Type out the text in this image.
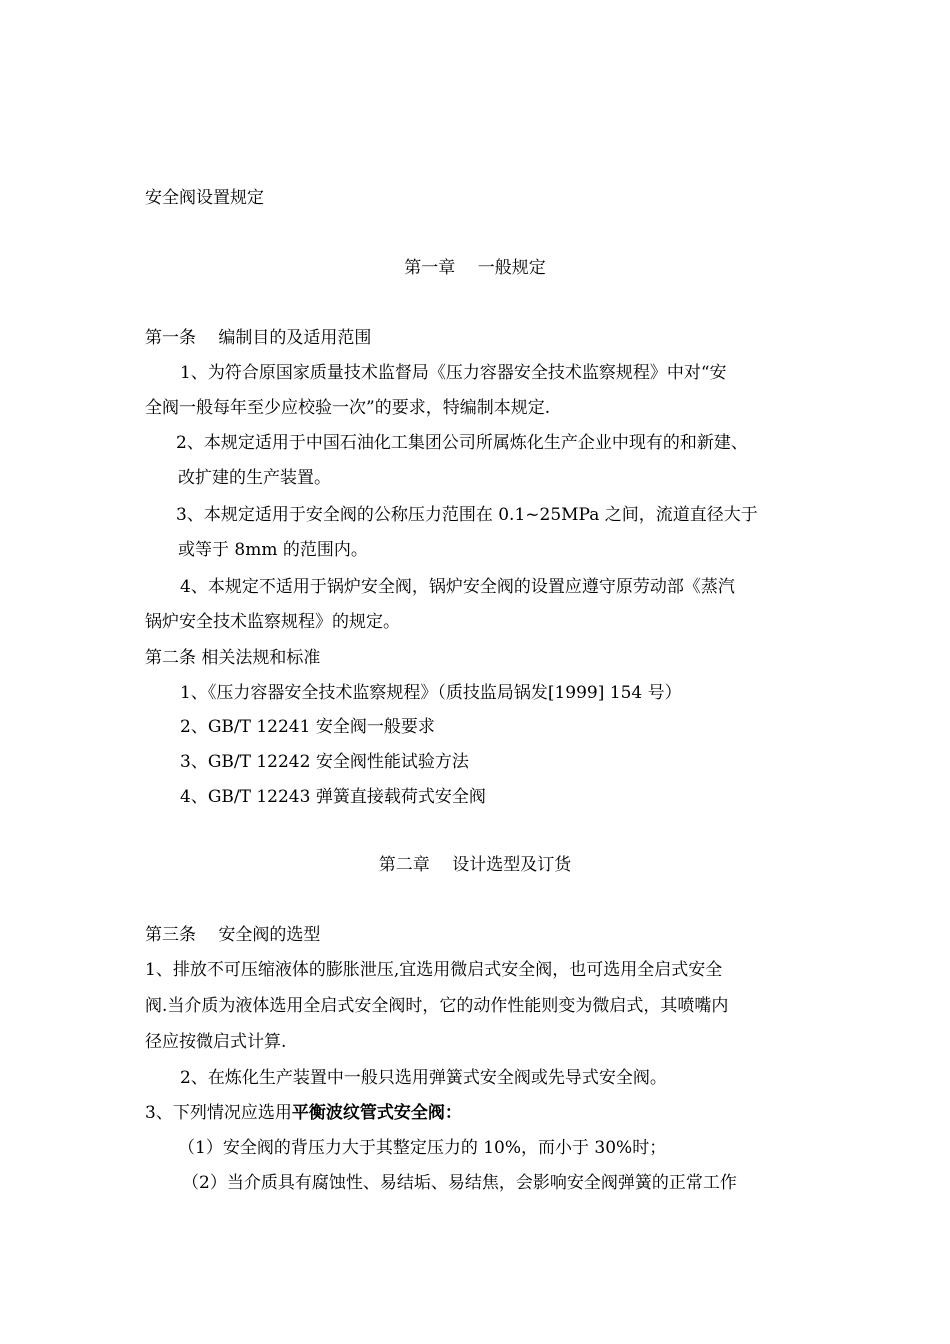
安全阀设置规定
第一章　 一般规定
第一条　 编制目的及适用范围
1、为符合原国家质量技术监督局《压力容器安全技术监察规程》中对“安
全阀一般每年至少应校验一次”的要求，特编制本规定.
2、本规定适用于中国石油化工集团公司所属炼化生产企业中现有的和新建、
改扩建的生产装置。
3、本规定适用于安全阀的公称压力范围在 0.1~25MPa 之间，流道直径大于
或等于 8mm 的范围内。
4、本规定不适用于锅炉安全阀，锅炉安全阀的设置应遵守原劳动部《蒸汽
锅炉安全技术监察规程》的规定。
第二条 相关法规和标准
1、《压力容器安全技术监察规程》（质技监局锅发[1999] 154 号）
2、GB/T 12241 安全阀一般要求
3、GB/T 12242 安全阀性能试验方法
4、GB/T 12243 弹簧直接载荷式安全阀
第二章　 设计选型及订货
第三条　 安全阀的选型
1、排放不可压缩液体的膨胀泄压,宜选用微启式安全阀，也可选用全启式安全
阀.当介质为液体选用全启式安全阀时，它的动作性能则变为微启式，其喷嘴内
径应按微启式计算.
2、在炼化生产装置中一般只选用弹簧式安全阀或先导式安全阀。
3、下列情况应选用平衡波纹管式安全阀：
（1）安全阀的背压力大于其整定压力的 10%，而小于 30%时；
（2）当介质具有腐蚀性、易结垢、易结焦，会影响安全阀弹簧的正常工作
